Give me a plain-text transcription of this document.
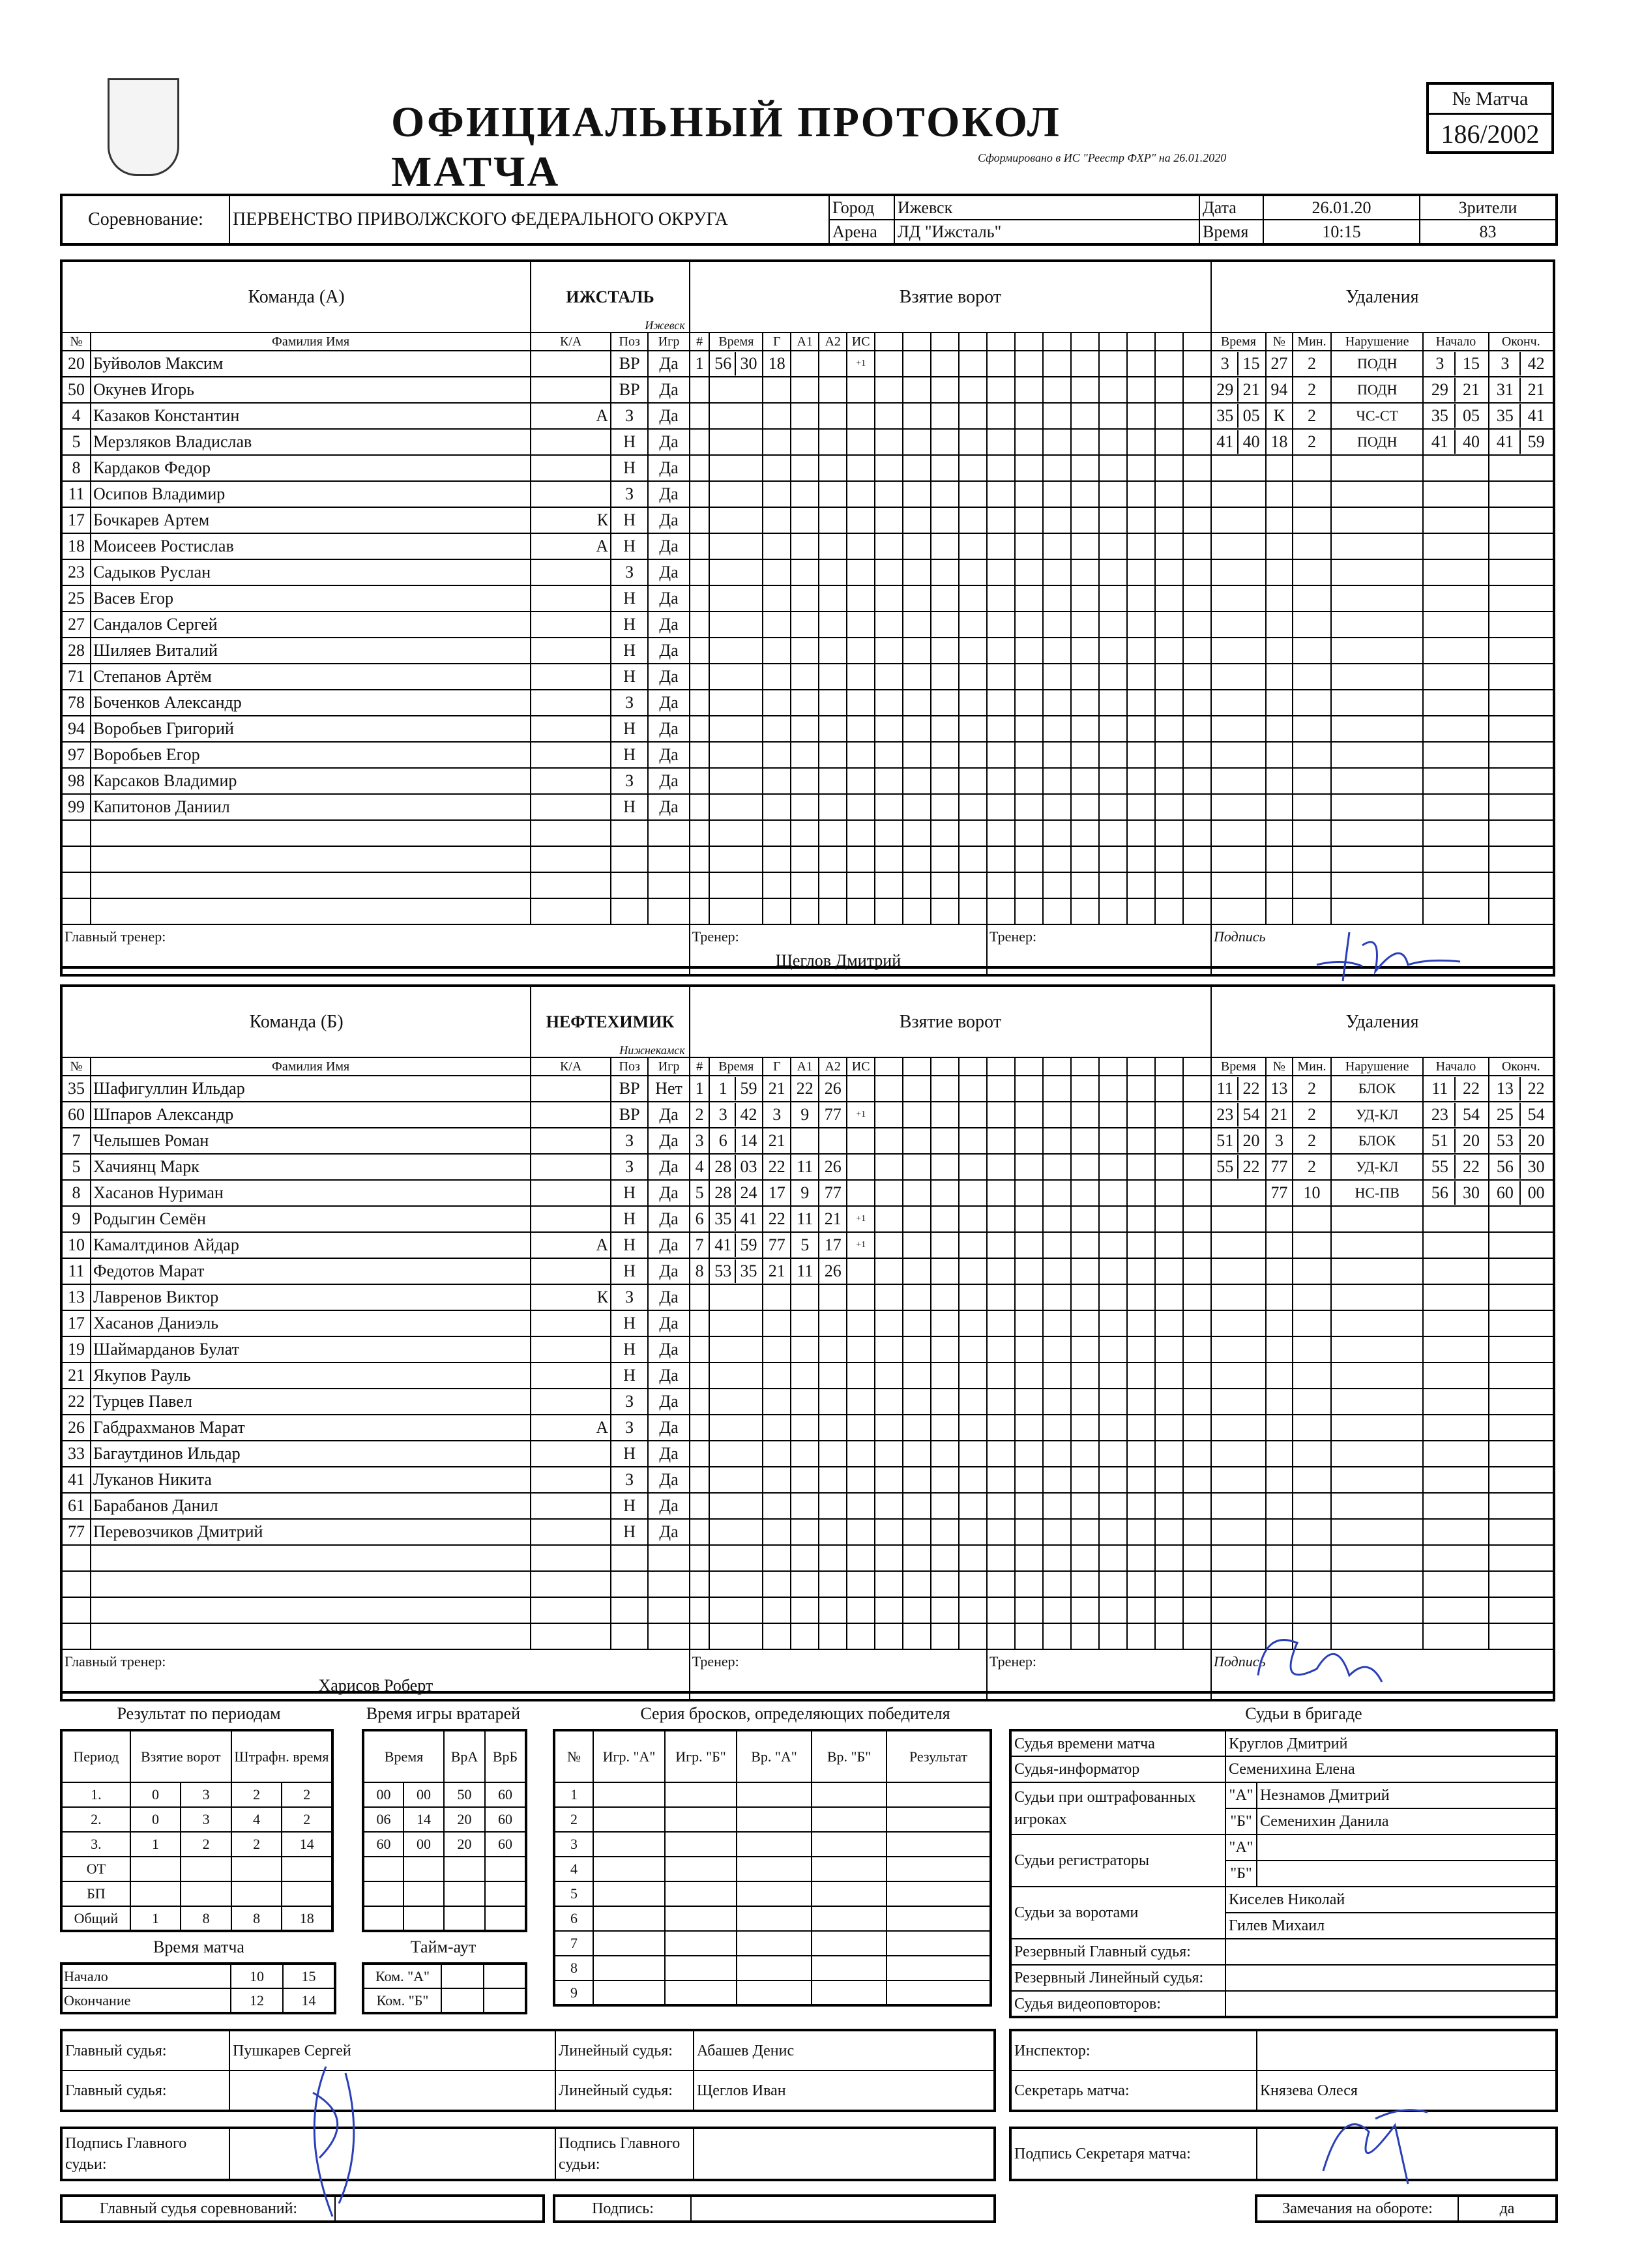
ОФИЦИАЛЬНЫЙ ПРОТОКОЛ МАТЧА	Сформировано в ИС "Реестр ФХР" на 26.01.2020
№ Матча
186/2002
Соревнование:	ПЕРВЕНСТВО ПРИВОЛЖСКОГО ФЕДЕРАЛЬНОГО ОКРУГА	Город	Ижевск	Дата	26.01.20	Зрители
		Арена	ЛД "Ижсталь"	Время	10:15	83
Команда (А)		ИЖСТАЛЬ
Ижевск			Взятие ворот																		Удаления					
№	Фамилия Имя	К/А	Поз	Игр	#	Время	Г	А1	А2	ИС													Время	№	Мин.	Нарушение	Начало	Оконч.
20	Буйволов Максим		ВР	Да	1	56 30	18			+1													3 15	27	2	ПОДН	3 15	3 42
50	Окунев Игорь		ВР	Да																			29 21	94	2	ПОДН	29 21	31 21
4	Казаков Константин	А	З	Да																			35 05	К	2	ЧС-СТ	35 05	35 41
5	Мерзляков Владислав		Н	Да																			41 40	18	2	ПОДН	41 40	41 59
8	Кардаков Федор		Н	Да																								
11	Осипов Владимир		З	Да																								
17	Бочкарев Артем	К	Н	Да																								
18	Моисеев Ростислав	А	Н	Да																								
23	Садыков Руслан		З	Да																								
25	Васев Егор		Н	Да																								
27	Сандалов Сергей		Н	Да																								
28	Шиляев Виталий		Н	Да																								
71	Степанов Артём		Н	Да																								
78	Боченков Александр		З	Да																								
94	Воробьев Григорий		Н	Да																								
97	Воробьев Егор		Н	Да																								
98	Карсаков Владимир		З	Да																								
99	Капитонов Даниил		Н	Да																								

Главный тренер:					Тренер:
Щеглов Дмитрий										Тренер:								Подпись					
Команда (Б)		НЕФТЕХИМИК
Нижнекамск			Взятие ворот																		Удаления					
№	Фамилия Имя	К/А	Поз	Игр	#	Время	Г	А1	А2	ИС													Время	№	Мин.	Нарушение	Начало	Оконч.
35	Шафигуллин Ильдар		ВР	Нет	1	1 59	21	22	26														11 22	13	2	БЛОК	11 22	13 22
60	Шпаров Александр		ВР	Да	2	3 42	3	9	77	+1													23 54	21	2	УД-КЛ	23 54	25 54
7	Челышев Роман		З	Да	3	6 14	21																51 20	3	2	БЛОК	51 20	53 20
5	Хачиянц Марк		З	Да	4	28 03	22	11	26														55 22	77	2	УД-КЛ	55 22	56 30
8	Хасанов Нуриман		Н	Да	5	28 24	17	9	77															77	10	НС-ПВ	56 30	60 00
9	Родыгин Семён		Н	Да	6	35 41	22	11	21	+1																		
10	Камалтдинов Айдар	А	Н	Да	7	41 59	77	5	17	+1																		
11	Федотов Марат		Н	Да	8	53 35	21	11	26																			
13	Лавренов Виктор	К	З	Да																								
17	Хасанов Даниэль		Н	Да																								
19	Шаймарданов Булат		Н	Да																								
21	Якупов Рауль		Н	Да																								
22	Турцев Павел		З	Да																								
26	Габдрахманов Марат	А	З	Да																								
33	Багаутдинов Ильдар		Н	Да																								
41	Луканов Никита		З	Да																								
61	Барабанов Данил		Н	Да																								
77	Перевозчиков Дмитрий		Н	Да																								

Главный тренер:
Харисов Роберт					Тренер:										Тренер:								Подпись					
Результат по периодам
Период	Взятие ворот		Штрафн. время	
1.	0	3	2	2
2.	0	3	4	2
3.	1	2	2	14
ОТ				
БП				
Общий	1	8	8	18
Время игры вратарей
Время		ВрА	ВрБ
00	00	50	60
06	14	20	60
60	00	20	60

Время матча
Начало	10	15
Окончание	12	14
Тайм-аут
Ком. "А"		
Ком. "Б"		
Серия бросков, определяющих победителя
№	Игр. "А"	Игр. "Б"	Вр. "А"	Вр. "Б"	Результат
1					
2					
3					
4					
5					
6					
7					
8					
9					
Судьи в бригаде
Судья времени матча	Круглов Дмитрий	
Судья-информатор	Семенихина Елена	
Судьи при оштрафованных игроках	"А"	Незнамов Дмитрий
	"Б"	Семенихин Данила
Судьи регистраторы	"А"	
	"Б"	
Судьи за воротами	Киселев Николай	
	Гилев Михаил	
Резервный Главный судья:		
Резервный Линейный судья:		
Судья видеоповторов:		
Главный судья:	Пушкарев Сергей	Линейный судья:	Абашев Денис
Главный судья:		Линейный судья:	Щеглов Иван
Инспектор:	
Секретарь матча:	Князева Олеся
Подпись Главного судьи:		Подпись Главного судьи:	
Подпись Секретаря матча:	
Главный судья соревнований:		Подпись:		Замечания на обороте:	да
